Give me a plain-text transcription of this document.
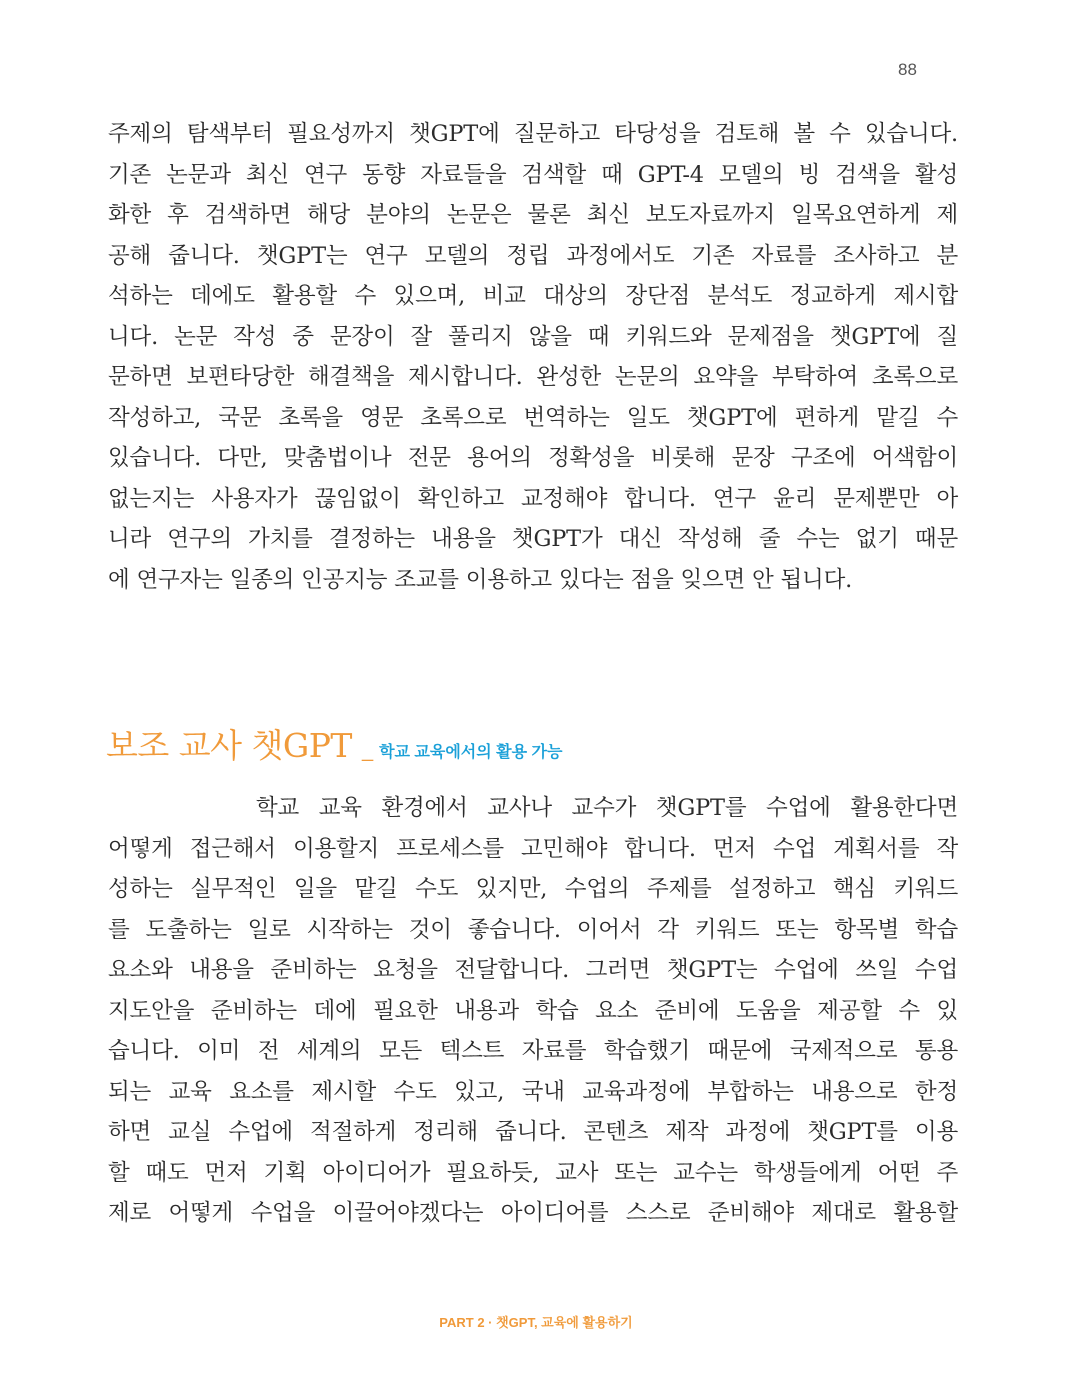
88
주제의 탐색부터 필요성까지 챗GPT에 질문하고 타당성을 검토해 볼 수 있습니다.
기존 논문과 최신 연구 동향 자료들을 검색할 때 GPT-4 모델의 빙 검색을 활성
화한 후 검색하면 해당 분야의 논문은 물론 최신 보도자료까지 일목요연하게 제
공해 줍니다. 챗GPT는 연구 모델의 정립 과정에서도 기존 자료를 조사하고 분
석하는 데에도 활용할 수 있으며, 비교 대상의 장단점 분석도 정교하게 제시합
니다. 논문 작성 중 문장이 잘 풀리지 않을 때 키워드와 문제점을 챗GPT에 질
문하면 보편타당한 해결책을 제시합니다. 완성한 논문의 요약을 부탁하여 초록으로
작성하고, 국문 초록을 영문 초록으로 번역하는 일도 챗GPT에 편하게 맡길 수
있습니다. 다만, 맞춤법이나 전문 용어의 정확성을 비롯해 문장 구조에 어색함이
없는지는 사용자가 끊임없이 확인하고 교정해야 합니다. 연구 윤리 문제뿐만 아
니라 연구의 가치를 결정하는 내용을 챗GPT가 대신 작성해 줄 수는 없기 때문
에 연구자는 일종의 인공지능 조교를 이용하고 있다는 점을 잊으면 안 됩니다.
보조 교사 챗GPT _ 학교 교육에서의 활용 가능
학교 교육 환경에서 교사나 교수가 챗GPT를 수업에 활용한다면
어떻게 접근해서 이용할지 프로세스를 고민해야 합니다. 먼저 수업 계획서를 작
성하는 실무적인 일을 맡길 수도 있지만, 수업의 주제를 설정하고 핵심 키워드
를 도출하는 일로 시작하는 것이 좋습니다. 이어서 각 키워드 또는 항목별 학습
요소와 내용을 준비하는 요청을 전달합니다. 그러면 챗GPT는 수업에 쓰일 수업
지도안을 준비하는 데에 필요한 내용과 학습 요소 준비에 도움을 제공할 수 있
습니다. 이미 전 세계의 모든 텍스트 자료를 학습했기 때문에 국제적으로 통용
되는 교육 요소를 제시할 수도 있고, 국내 교육과정에 부합하는 내용으로 한정
하면 교실 수업에 적절하게 정리해 줍니다. 콘텐츠 제작 과정에 챗GPT를 이용
할 때도 먼저 기획 아이디어가 필요하듯, 교사 또는 교수는 학생들에게 어떤 주
제로 어떻게 수업을 이끌어야겠다는 아이디어를 스스로 준비해야 제대로 활용할
PART 2 · 챗GPT, 교육에 활용하기
